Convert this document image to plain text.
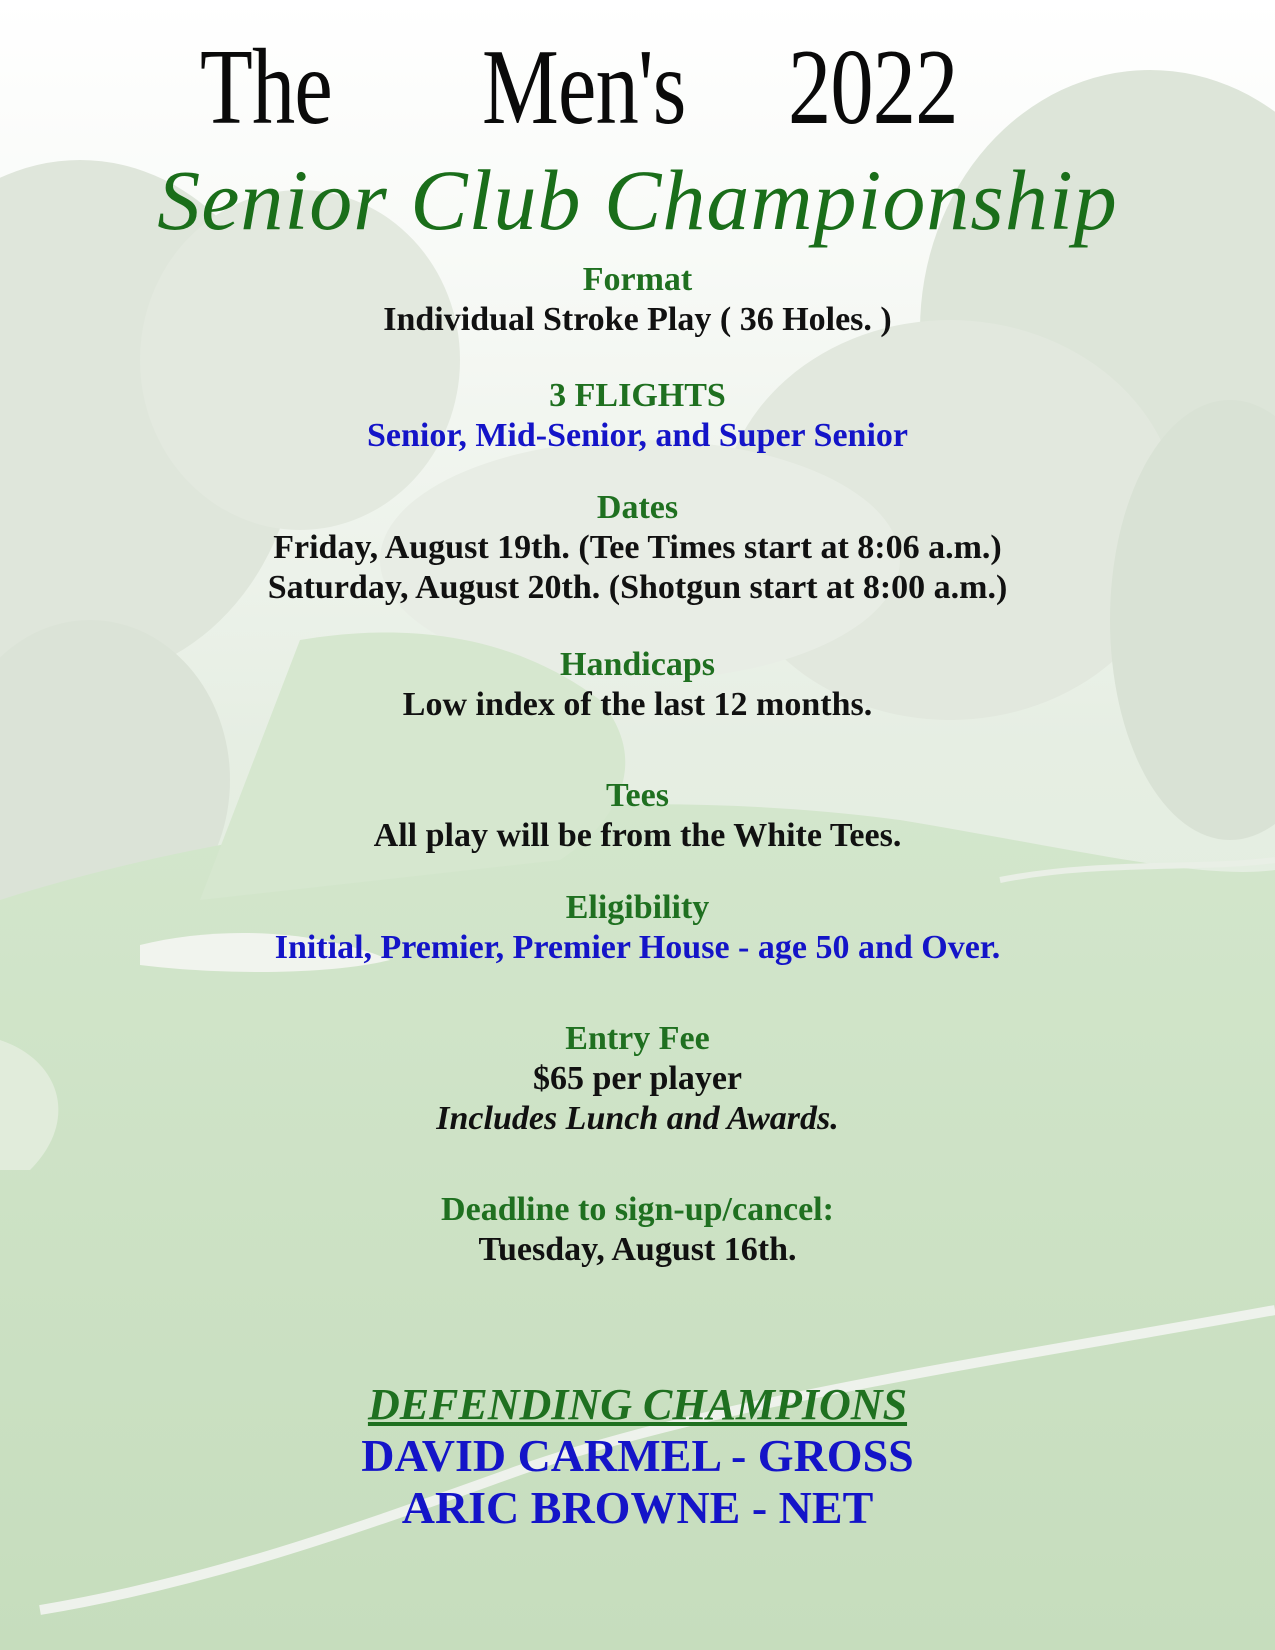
The Men's 2022
Senior Club Championship
Format
Individual Stroke Play ( 36 Holes. )
3 FLIGHTS
Senior, Mid-Senior, and Super Senior
Dates
Friday, August 19th. (Tee Times start at 8:06 a.m.)
Saturday, August 20th. (Shotgun start at 8:00 a.m.)
Handicaps
Low index of the last 12 months.
Tees
All play will be from the White Tees.
Eligibility
Initial, Premier, Premier House - age 50 and Over.
Entry Fee
$65 per player
Includes Lunch and Awards.
Deadline to sign-up/cancel:
Tuesday, August 16th.
DEFENDING CHAMPIONS
DAVID CARMEL - GROSS
ARIC BROWNE - NET
